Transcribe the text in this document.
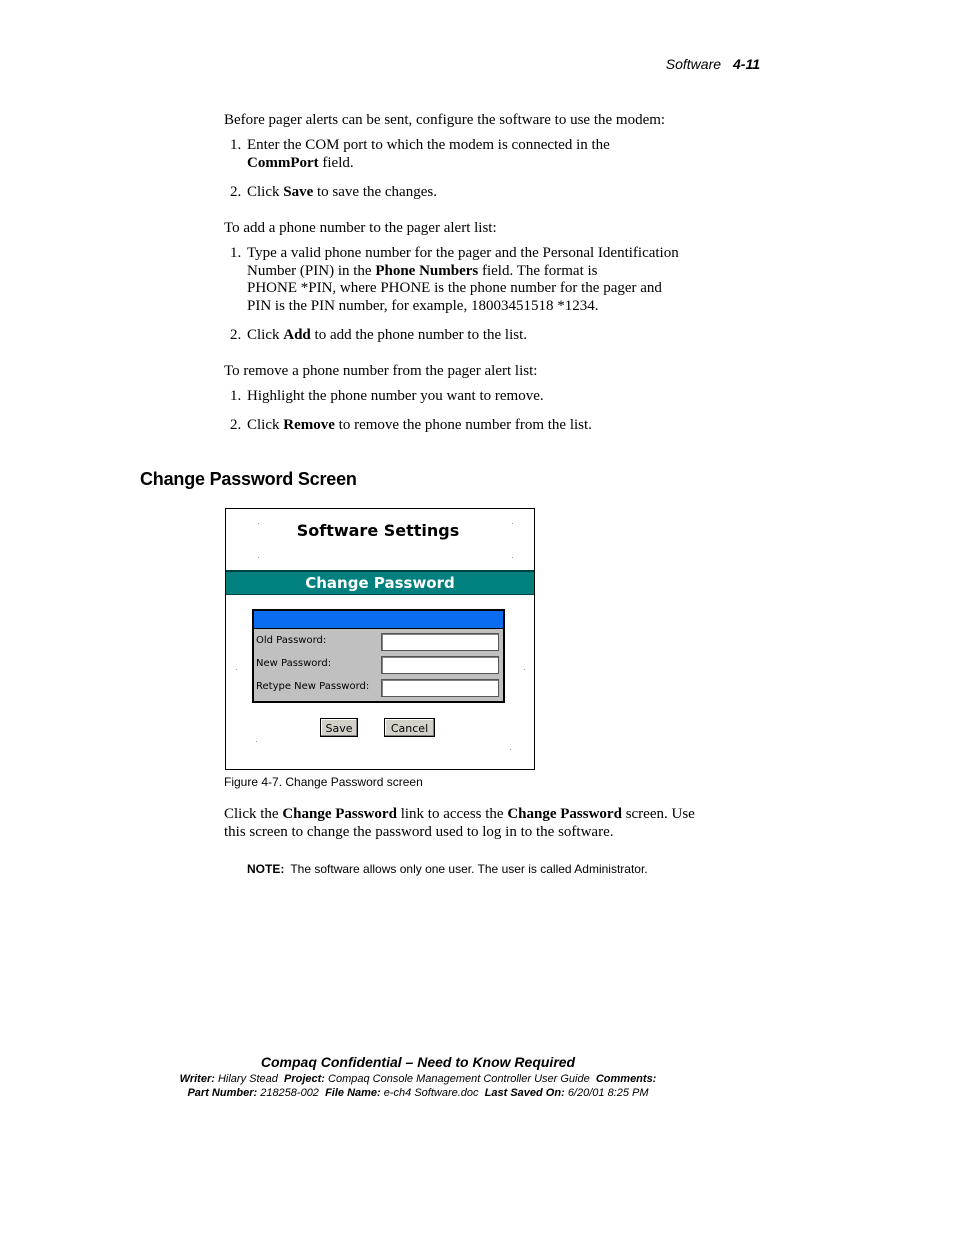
Software 4-11
Before pager alerts can be sent, configure the software to use the modem:
1. Enter the COM port to which the modem is connected in the
CommPort field.
2. Click Save to save the changes.
To add a phone number to the pager alert list:
1. Type a valid phone number for the pager and the Personal Identification
Number (PIN) in the Phone Numbers field. The format is
PHONE *PIN, where PHONE is the phone number for the pager and
PIN is the PIN number, for example, 18003451518 *1234.
2. Click Add to add the phone number to the list.
To remove a phone number from the pager alert list:
1. Highlight the phone number you want to remove.
2. Click Remove to remove the phone number from the list.
Change Password Screen
Software Settings
Change Password
Old Password:
New Password:
Retype New Password:
Save	Cancel
Figure 4-7. Change Password screen
Click the Change Password link to access the Change Password screen. Use
this screen to change the password used to log in to the software.
NOTE: The software allows only one user. The user is called Administrator.
Compaq Confidential – Need to Know Required
Writer: Hilary Stead Project: Compaq Console Management Controller User Guide Comments:
Part Number: 218258-002 File Name: e-ch4 Software.doc Last Saved On: 6/20/01 8:25 PM
